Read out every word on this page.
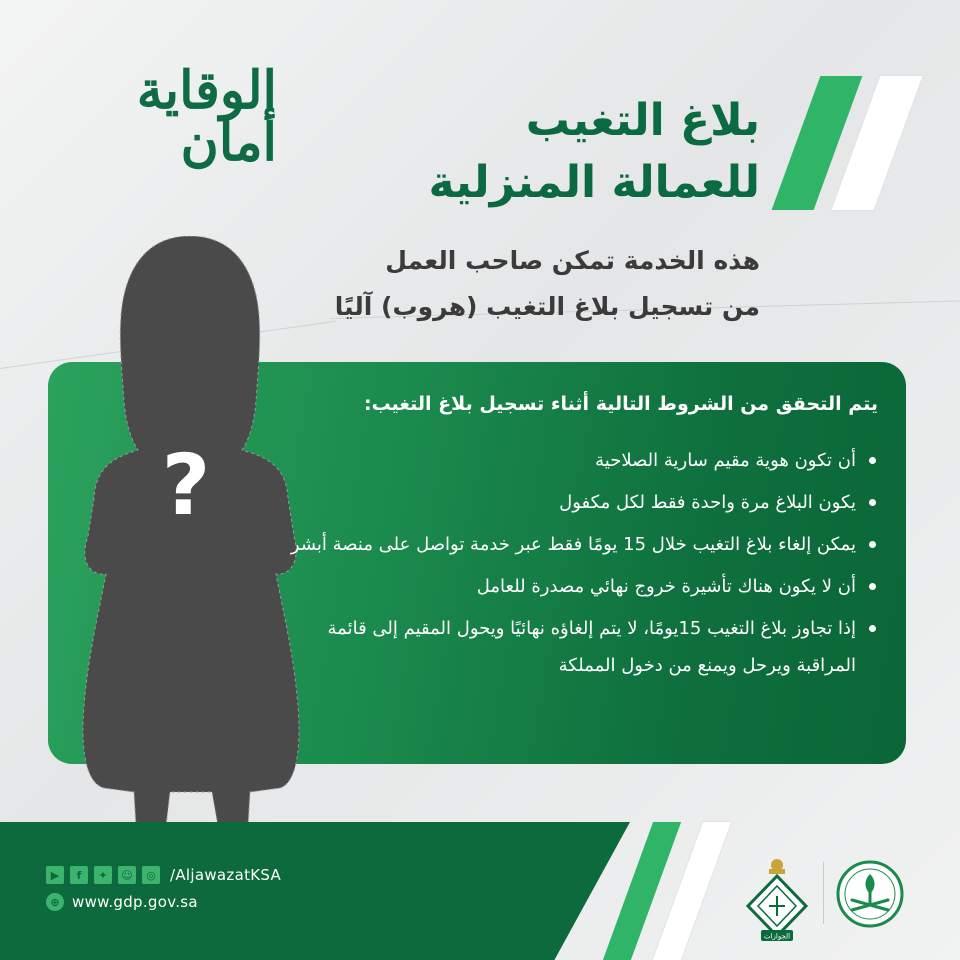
الوقاية أمان	بلاغ التغيب
للعمالة المنزلية
هذه الخدمة تمكن صاحب العمل
من تسجيل بلاغ التغيب (هروب) آليًا
?
يتم التحقق من الشروط التالية أثناء تسجيل بلاغ التغيب:
أن تكون هوية مقيم سارية الصلاحية
يكون البلاغ مرة واحدة فقط لكل مكفول
يمكن إلغاء بلاغ التغيب خلال 15 يومًا فقط عبر خدمة تواصل على منصة أبشر
أن لا يكون هناك تأشيرة خروج نهائي مصدرة للعامل
إذا تجاوز بلاغ التغيب 15يومًا، لا يتم إلغاؤه نهائيًا ويحول المقيم إلى قائمة المراقبة ويرحل ويمنع من دخول المملكة
▶	f	✦	☺	◎ /AljawazatKSA
⊕ www.gdp.gov.sa
الجوازات
